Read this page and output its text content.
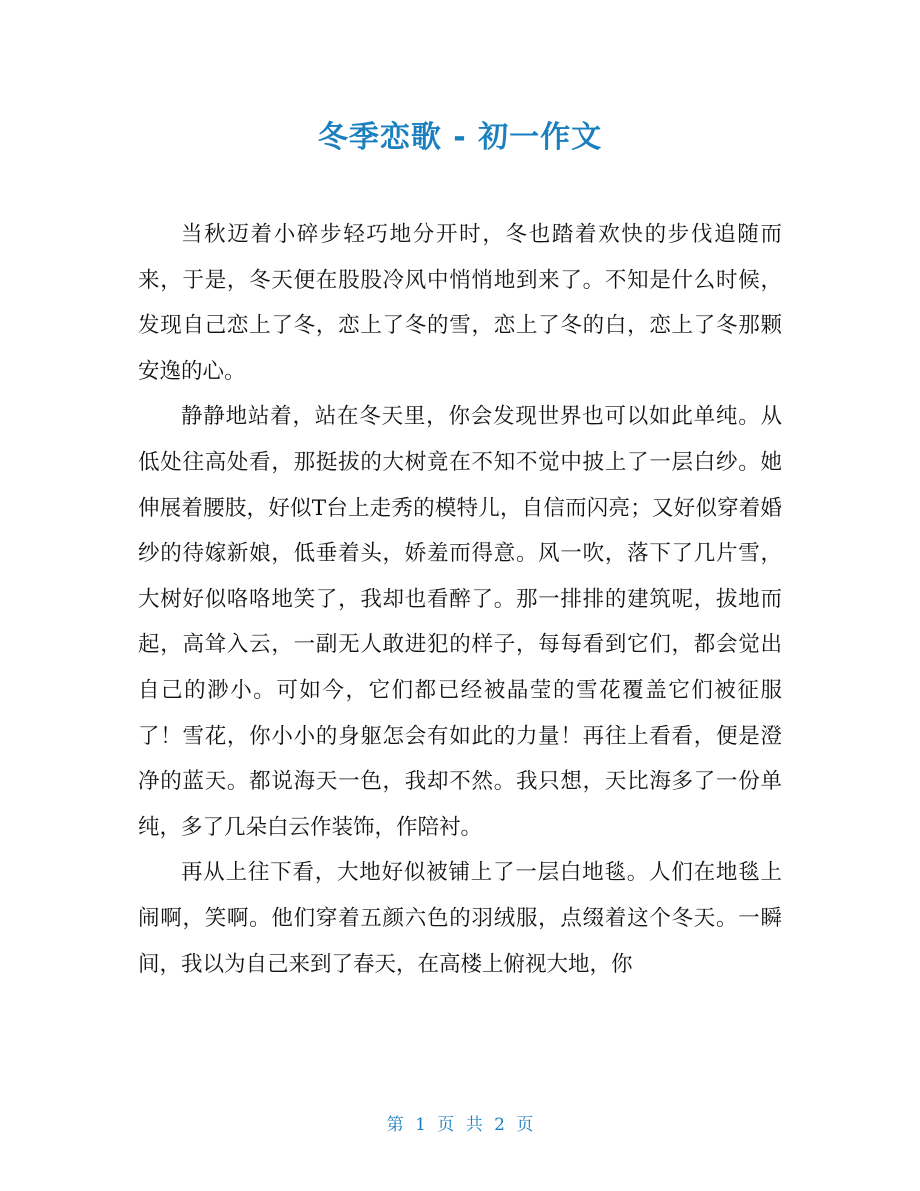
冬季恋歌 - 初一作文

当秋迈着小碎步轻巧地分开时，冬也踏着欢快的步伐追随而来，于是，冬天便在股股冷风中悄悄地到来了。不知是什么时候，发现自己恋上了冬，恋上了冬的雪，恋上了冬的白，恋上了冬那颗安逸的心。

静静地站着，站在冬天里，你会发现世界也可以如此单纯。从低处往高处看，那挺拔的大树竟在不知不觉中披上了一层白纱。她伸展着腰肢，好似T台上走秀的模特儿，自信而闪亮；又好似穿着婚纱的待嫁新娘，低垂着头，娇羞而得意。风一吹，落下了几片雪，大树好似咯咯地笑了，我却也看醉了。那一排排的建筑呢，拔地而起，高耸入云，一副无人敢进犯的样子，每每看到它们，都会觉出自己的渺小。可如今，它们都已经被晶莹的雪花覆盖它们被征服了！雪花，你小小的身躯怎会有如此的力量！再往上看看，便是澄净的蓝天。都说海天一色，我却不然。我只想，天比海多了一份单纯，多了几朵白云作装饰，作陪衬。

再从上往下看，大地好似被铺上了一层白地毯。人们在地毯上闹啊，笑啊。他们穿着五颜六色的羽绒服，点缀着这个冬天。一瞬间，我以为自己来到了春天，在高楼上俯视大地，你

第 1 页 共 2 页
